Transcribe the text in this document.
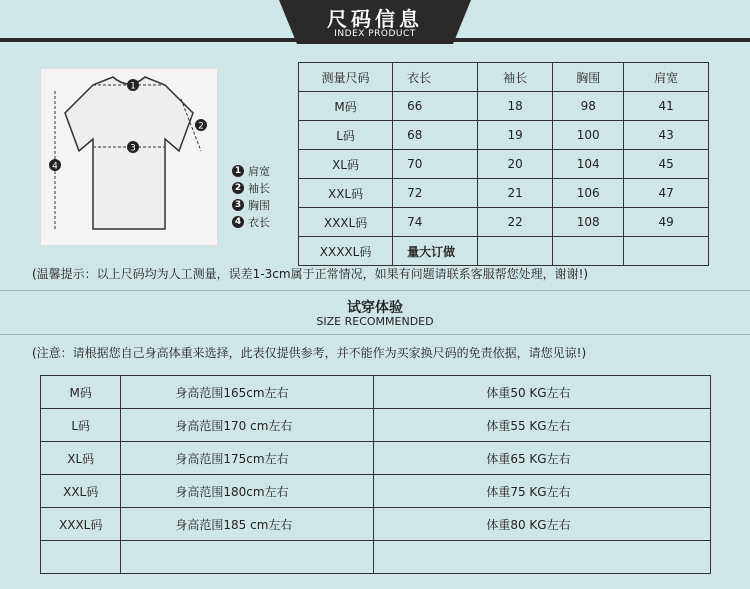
尺码信息
INDEX PRODUCT
1
2
3
4	1 肩宽
2 袖长
3 胸围
4 衣长
测量尺码	衣长	袖长	胸围	肩宽
M码	66	18	98	41
L码	68	19	100	43
XL码	70	20	104	45
XXL码	72	21	106	47
XXXL码	74	22	108	49
XXXXL码	量大订做			
(温馨提示：以上尺码均为人工测量，误差1-3cm属于正常情况，如果有问题请联系客服帮您处理，谢谢!)
试穿体验
SIZE RECOMMENDED
(注意：请根据您自己身高体重来选择，此表仅提供参考，并不能作为买家换尺码的免责依据，请您见谅!)
M码	身高范围165cm左右	体重50 KG左右
L码	身高范围170 cm左右	体重55 KG左右
XL码	身高范围175cm左右	体重65 KG左右
XXL码	身高范围180cm左右	体重75 KG左右
XXXL码	身高范围185 cm左右	体重80 KG左右
